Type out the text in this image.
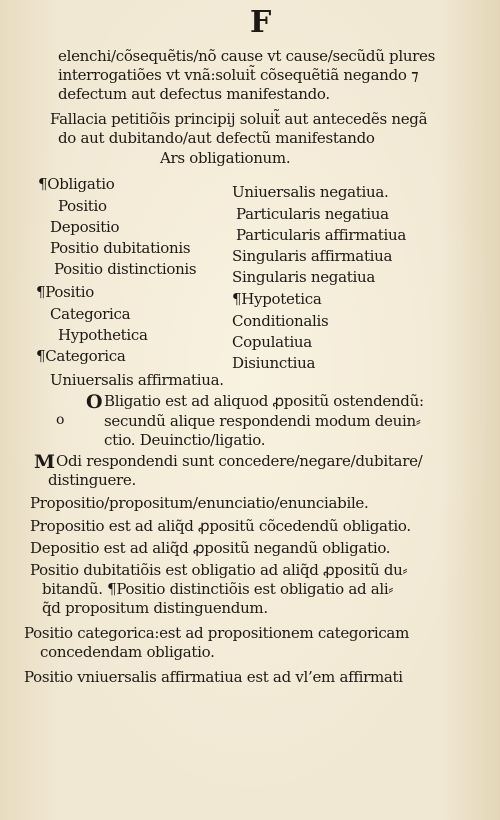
F
elenchi/cõsequẽtis/nõ cause vt cause/secũdũ plures
interrogatiões vt vnã:soluit̃ cõsequẽtiã negando ⁊
defectum aut defectus manifestando.
Fallacia petitiõis principij soluit̃ aut antecedẽs negã
do aut dubitando/aut defectũ manifestando
Ars obligationum.
¶Obligatio
Positio
Depositio
Positio dubitationis
Positio distinctionis
¶Positio
Categorica
Hypothetica
¶Categorica
Uniuersalis negatiua.
Particularis negatiua
Particularis affirmatiua
Singularis affirmatiua
Singularis negatiua
¶Hypotetica
Conditionalis
Copulatiua
Disiunctiua
Uniuersalis affirmatiua.
O Bligatio est ad aliquod ꝓpositũ ostendendũ:
o	secundũ alique respondendi modum deuin⸗
ctio. Deuinctio/ligatio.
M Odi respondendi sunt concedere/negare/dubitare/
distinguere.
Propositio/propositum/enunciatio/enunciabile.
Propositio est ad aliq̃d ꝓpositũ cõcedendũ obligatio.
Depositio est ad aliq̃d ꝓpositũ negandũ obligatio.
Positio dubitatiõis est obligatio ad aliq̃d ꝓpositũ du⸗
bitandũ. ¶Positio distinctiõis est obligatio ad ali⸗
q̃d propositum distinguendum.
Positio categorica:est ad propositionem categoricam
concedendam obligatio.
Positio vniuersalis affirmatiua est ad vl’em affirmati
